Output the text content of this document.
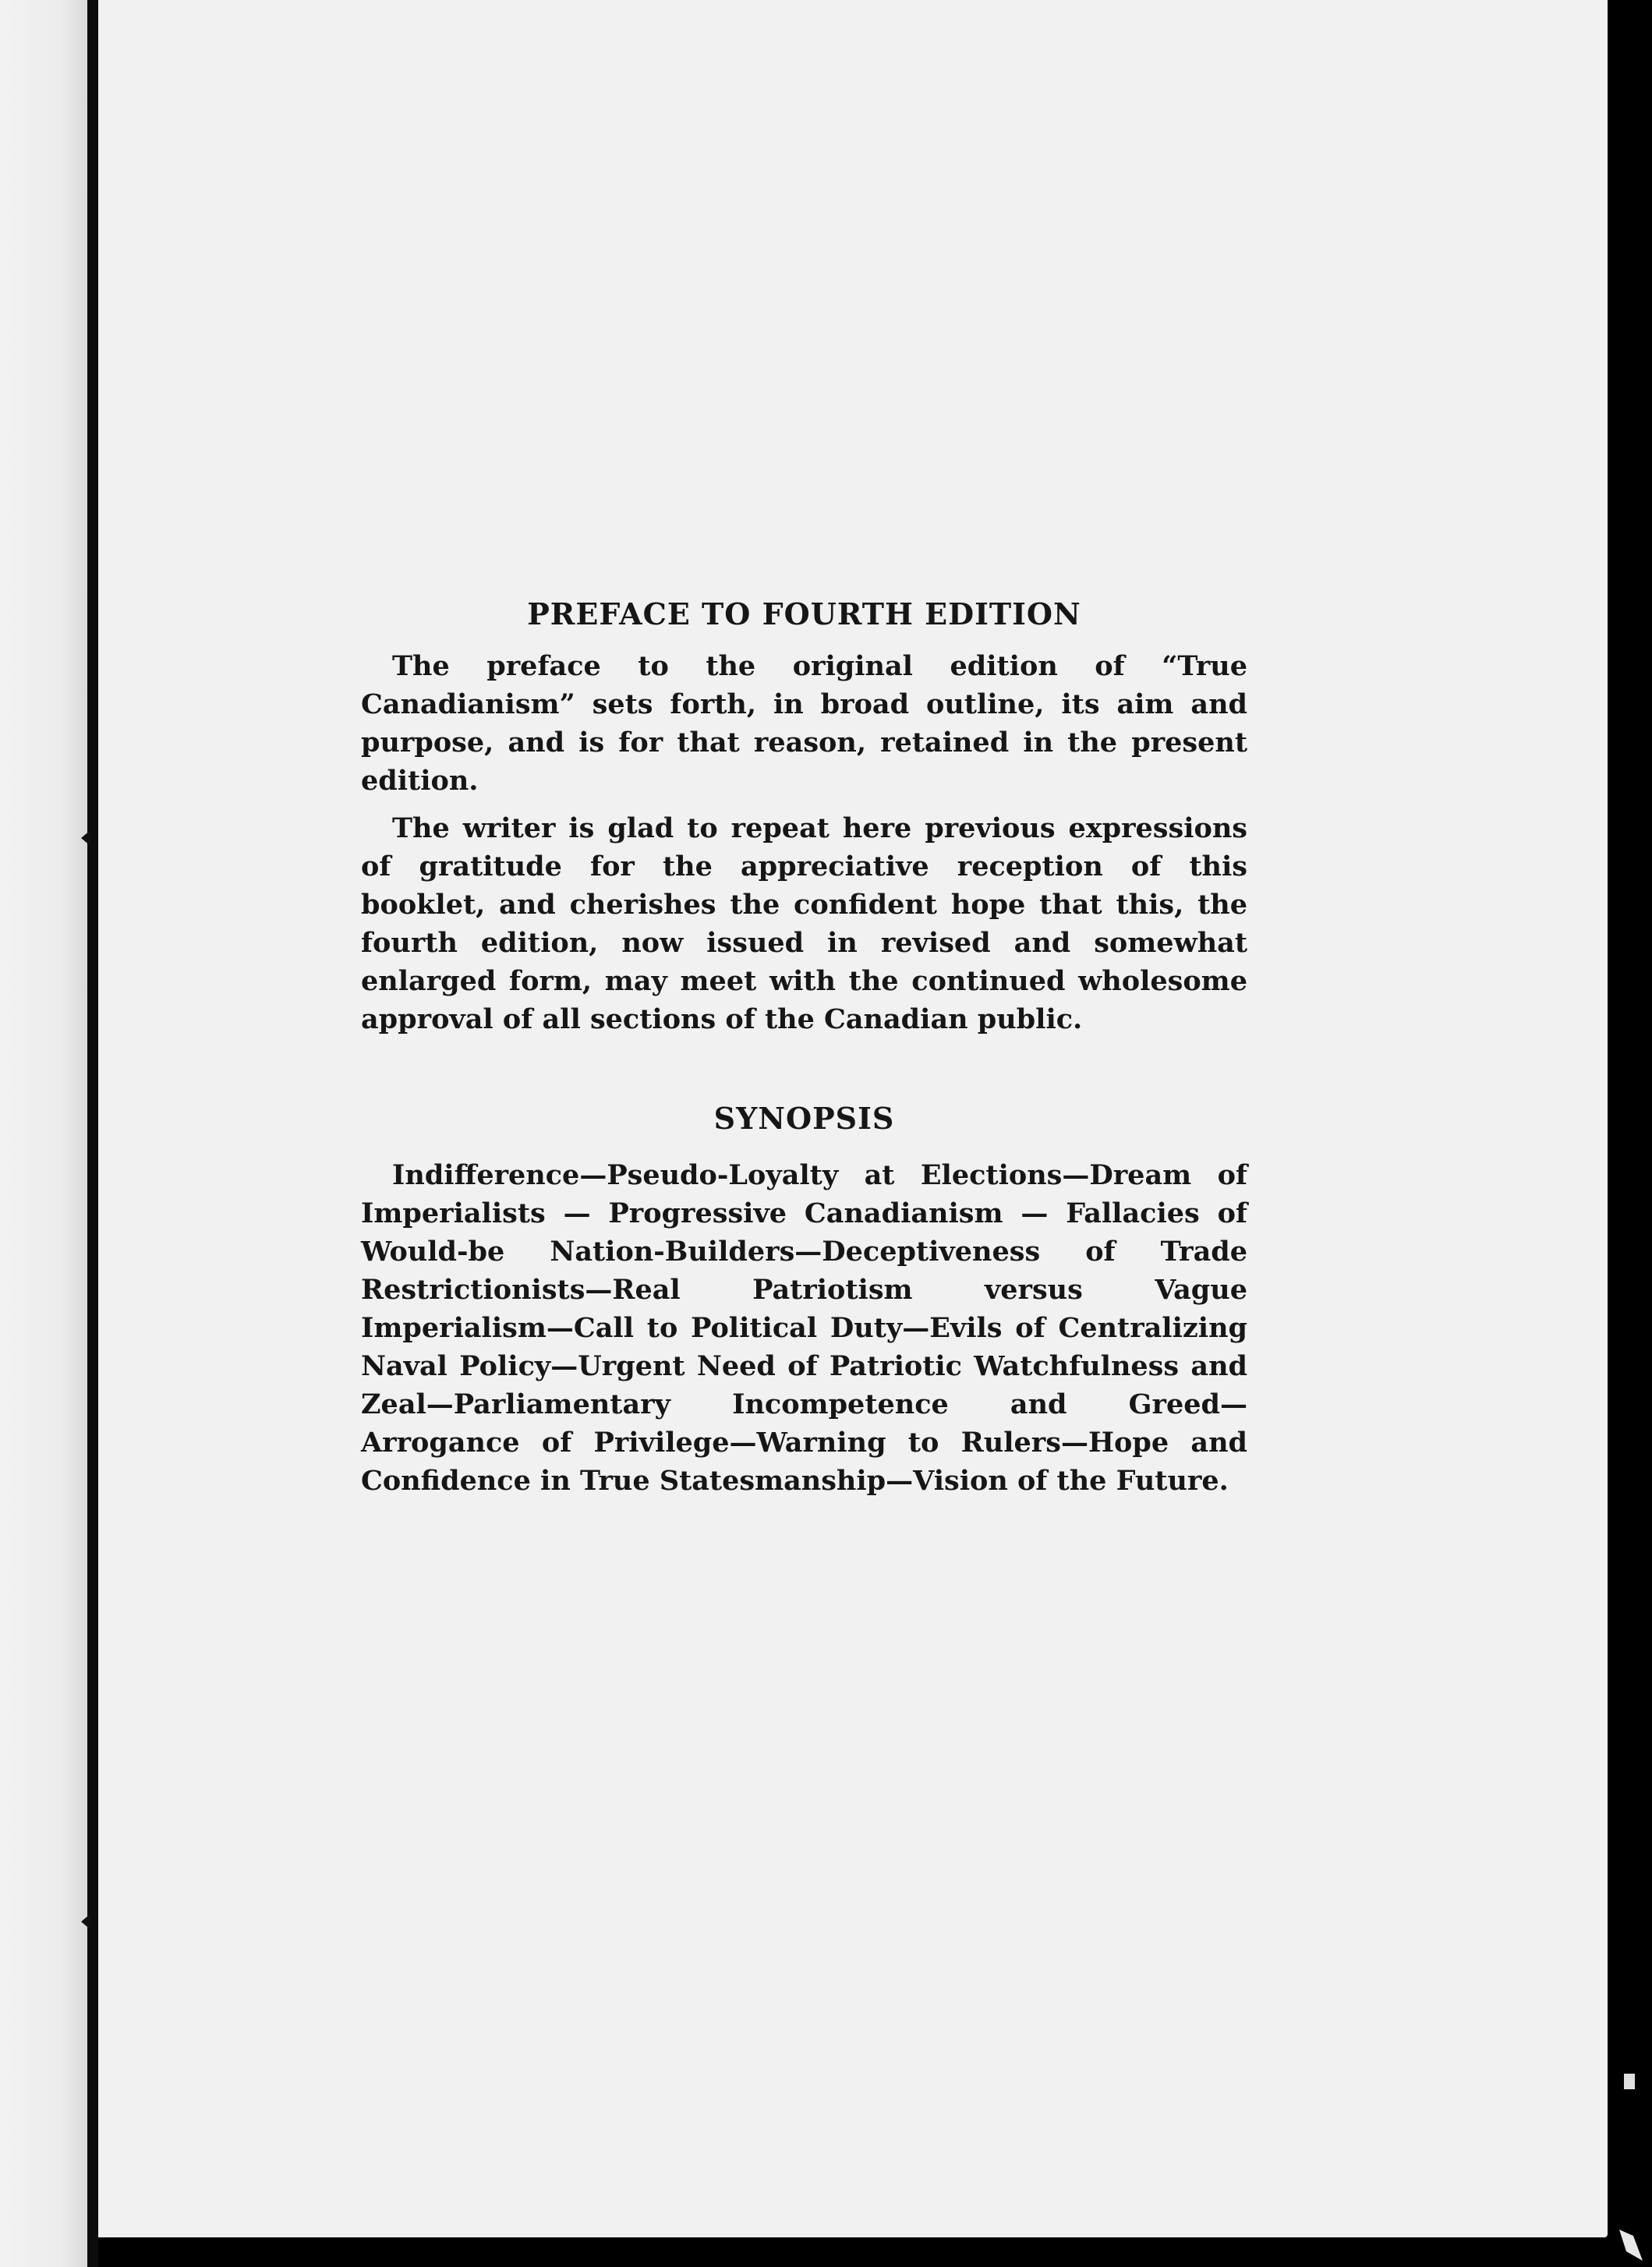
PREFACE TO FOURTH EDITION

The preface to the original edition of “True Canadianism” sets forth, in broad outline, its aim and purpose, and is for that reason, retained in the present edition.

The writer is glad to repeat here previous expressions of gratitude for the appreciative reception of this booklet, and cherishes the confident hope that this, the fourth edition, now issued in revised and somewhat enlarged form, may meet with the continued wholesome approval of all sections of the Canadian public.

SYNOPSIS

Indifference—Pseudo-Loyalty at Elections—Dream of Imperialists — Progressive Canadianism — Fallacies of Would-be Nation-Builders—Deceptiveness of Trade Restrictionists—Real Patriotism versus Vague Imperialism—Call to Political Duty—Evils of Centralizing Naval Policy—Urgent Need of Patriotic Watchfulness and Zeal—Parliamentary Incompetence and Greed—Arrogance of Privilege—Warning to Rulers—Hope and Confidence in True Statesmanship—Vision of the Future.
